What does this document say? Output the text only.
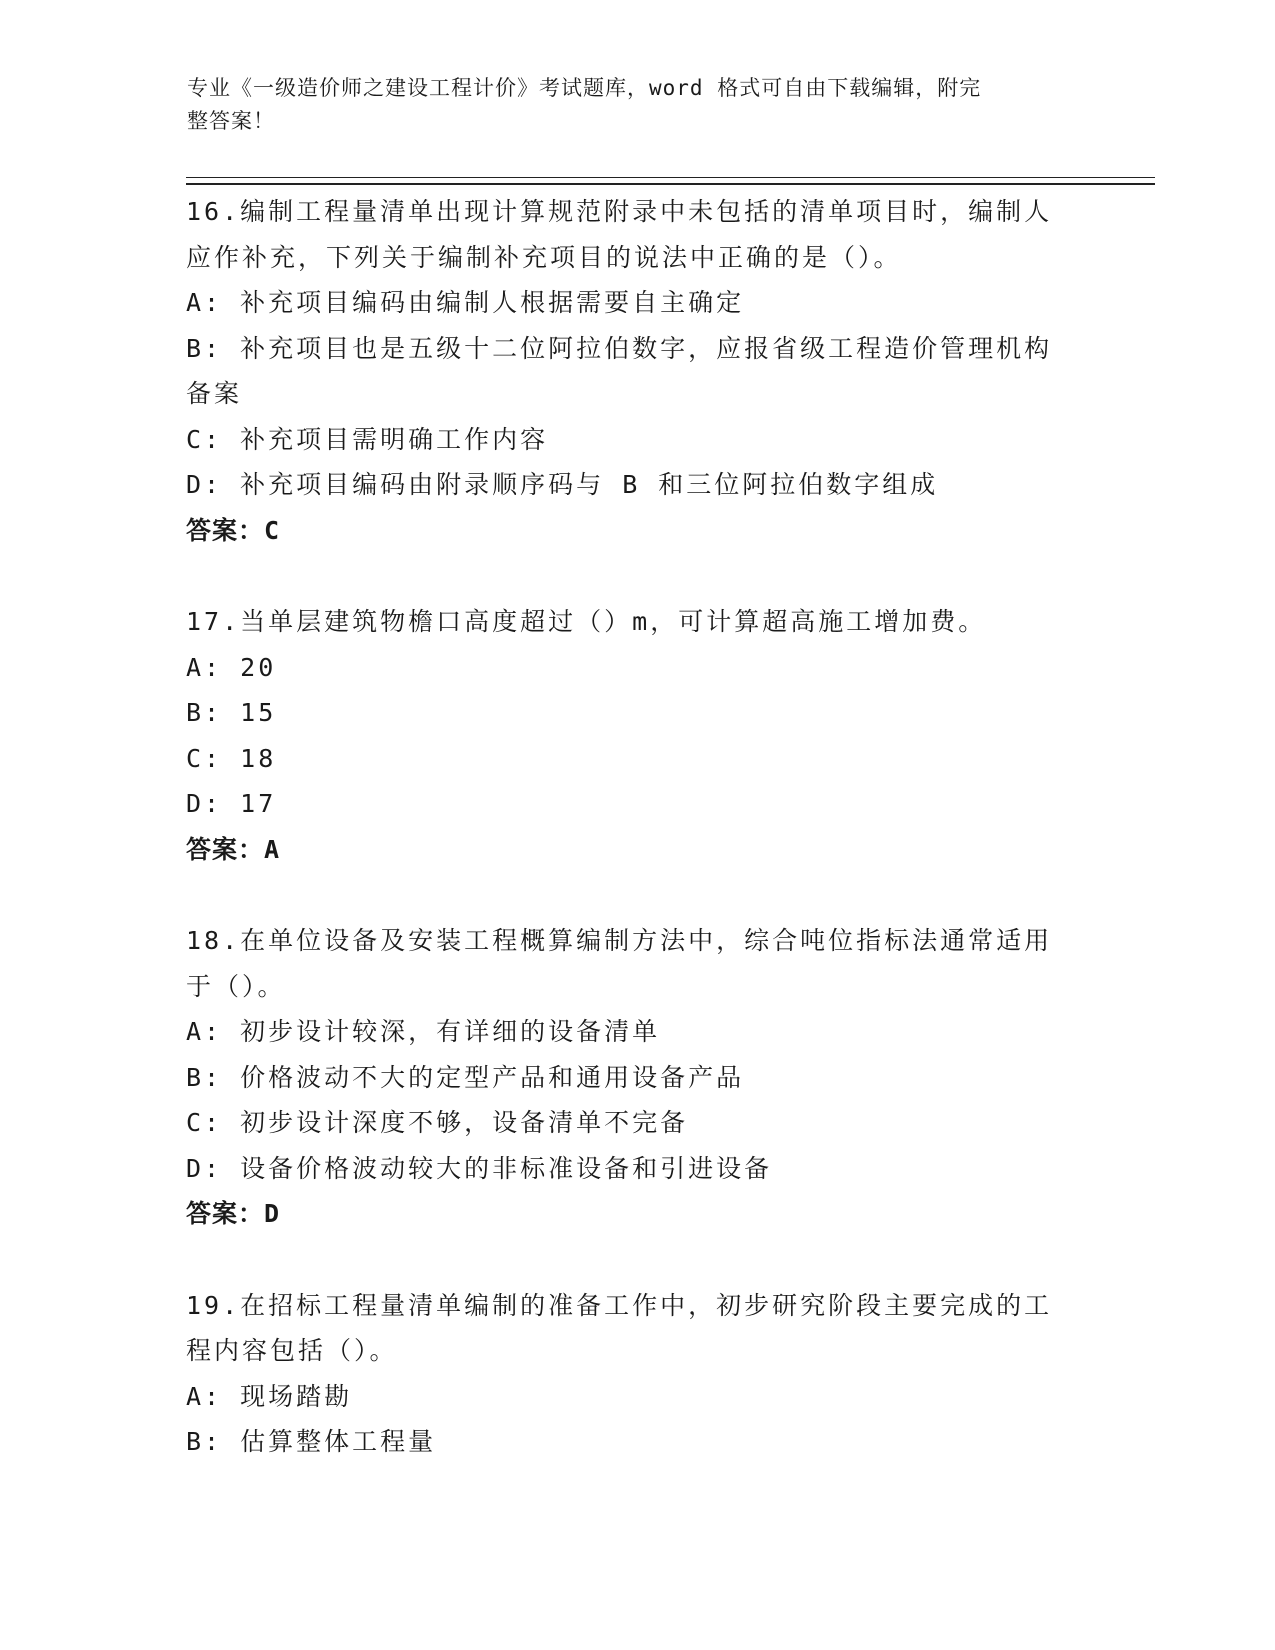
专业《一级造价师之建设工程计价》考试题库，word 格式可自由下载编辑，附完
整答案！
16.编制工程量清单出现计算规范附录中未包括的清单项目时，编制人
应作补充，下列关于编制补充项目的说法中正确的是（）。
A: 补充项目编码由编制人根据需要自主确定
B: 补充项目也是五级十二位阿拉伯数字，应报省级工程造价管理机构
备案
C: 补充项目需明确工作内容
D: 补充项目编码由附录顺序码与 B 和三位阿拉伯数字组成
答案：C
17.当单层建筑物檐口高度超过（）m，可计算超高施工增加费。
A: 20
B: 15
C: 18
D: 17
答案：A
18.在单位设备及安装工程概算编制方法中，综合吨位指标法通常适用
于（）。
A: 初步设计较深，有详细的设备清单
B: 价格波动不大的定型产品和通用设备产品
C: 初步设计深度不够，设备清单不完备
D: 设备价格波动较大的非标准设备和引进设备
答案：D
19.在招标工程量清单编制的准备工作中，初步研究阶段主要完成的工
程内容包括（）。
A: 现场踏勘
B: 估算整体工程量
